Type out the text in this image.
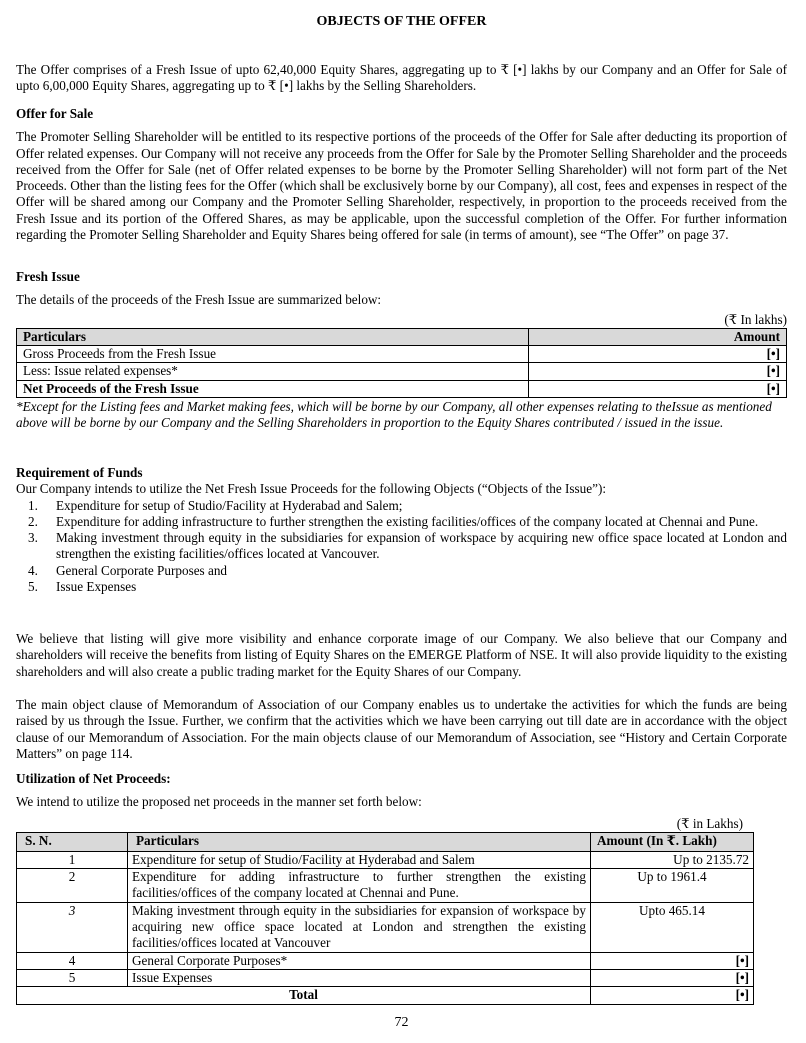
OBJECTS OF THE OFFER

The Offer comprises of a Fresh Issue of upto 62,40,000 Equity Shares, aggregating up to ₹ [•] lakhs by our Company and an Offer for Sale of upto 6,00,000 Equity Shares, aggregating up to ₹ [•] lakhs by the Selling Shareholders.

Offer for Sale

The Promoter Selling Shareholder will be entitled to its respective portions of the proceeds of the Offer for Sale after deducting its proportion of Offer related expenses. Our Company will not receive any proceeds from the Offer for Sale by the Promoter Selling Shareholder and the proceeds received from the Offer for Sale (net of Offer related expenses to be borne by the Promoter Selling Shareholder) will not form part of the Net Proceeds. Other than the listing fees for the Offer (which shall be exclusively borne by our Company), all cost, fees and expenses in respect of the Offer will be shared among our Company and the Promoter Selling Shareholder, respectively, in proportion to the proceeds received from the Fresh Issue and its portion of the Offered Shares, as may be applicable, upon the successful completion of the Offer. For further information regarding the Promoter Selling Shareholder and Equity Shares being offered for sale (in terms of amount), see “The Offer” on page 37.

Fresh Issue

The details of the proceeds of the Fresh Issue are summarized below:

(₹ In lakhs)

Particulars	Amount
Gross Proceeds from the Fresh Issue	[•]
Less: Issue related expenses*	[•]
Net Proceeds of the Fresh Issue	[•]

*Except for the Listing fees and Market making fees, which will be borne by our Company, all other expenses relating to theIssue as mentioned above will be borne by our Company and the Selling Shareholders in proportion to the Equity Shares contributed / issued in the issue.

Requirement of Funds

Our Company intends to utilize the Net Fresh Issue Proceeds for the following Objects (“Objects of the Issue”):

1. Expenditure for setup of Studio/Facility at Hyderabad and Salem;
2. Expenditure for adding infrastructure to further strengthen the existing facilities/offices of the company located at Chennai and Pune.
3. Making investment through equity in the subsidiaries for expansion of workspace by acquiring new office space located at London and strengthen the existing facilities/offices located at Vancouver.
4. General Corporate Purposes and
5. Issue Expenses

We believe that listing will give more visibility and enhance corporate image of our Company. We also believe that our Company and shareholders will receive the benefits from listing of Equity Shares on the EMERGE Platform of NSE. It will also provide liquidity to the existing shareholders and will also create a public trading market for the Equity Shares of our Company.

The main object clause of Memorandum of Association of our Company enables us to undertake the activities for which the funds are being raised by us through the Issue. Further, we confirm that the activities which we have been carrying out till date are in accordance with the object clause of our Memorandum of Association. For the main objects clause of our Memorandum of Association, see “History and Certain Corporate Matters” on page 114.

Utilization of Net Proceeds:

We intend to utilize the proposed net proceeds in the manner set forth below:

(₹ in Lakhs)

S. N.	Particulars	Amount (In ₹. Lakh)
1	Expenditure for setup of Studio/Facility at Hyderabad and Salem	Up to 2135.72
2	Expenditure for adding infrastructure to further strengthen the existing facilities/offices of the company located at Chennai and Pune.	Up to 1961.4
3	Making investment through equity in the subsidiaries for expansion of workspace by acquiring new office space located at London and strengthen the existing facilities/offices located at Vancouver	Upto 465.14
4	General Corporate Purposes*	[•]
5	Issue Expenses	[•]
Total		[•]
72
